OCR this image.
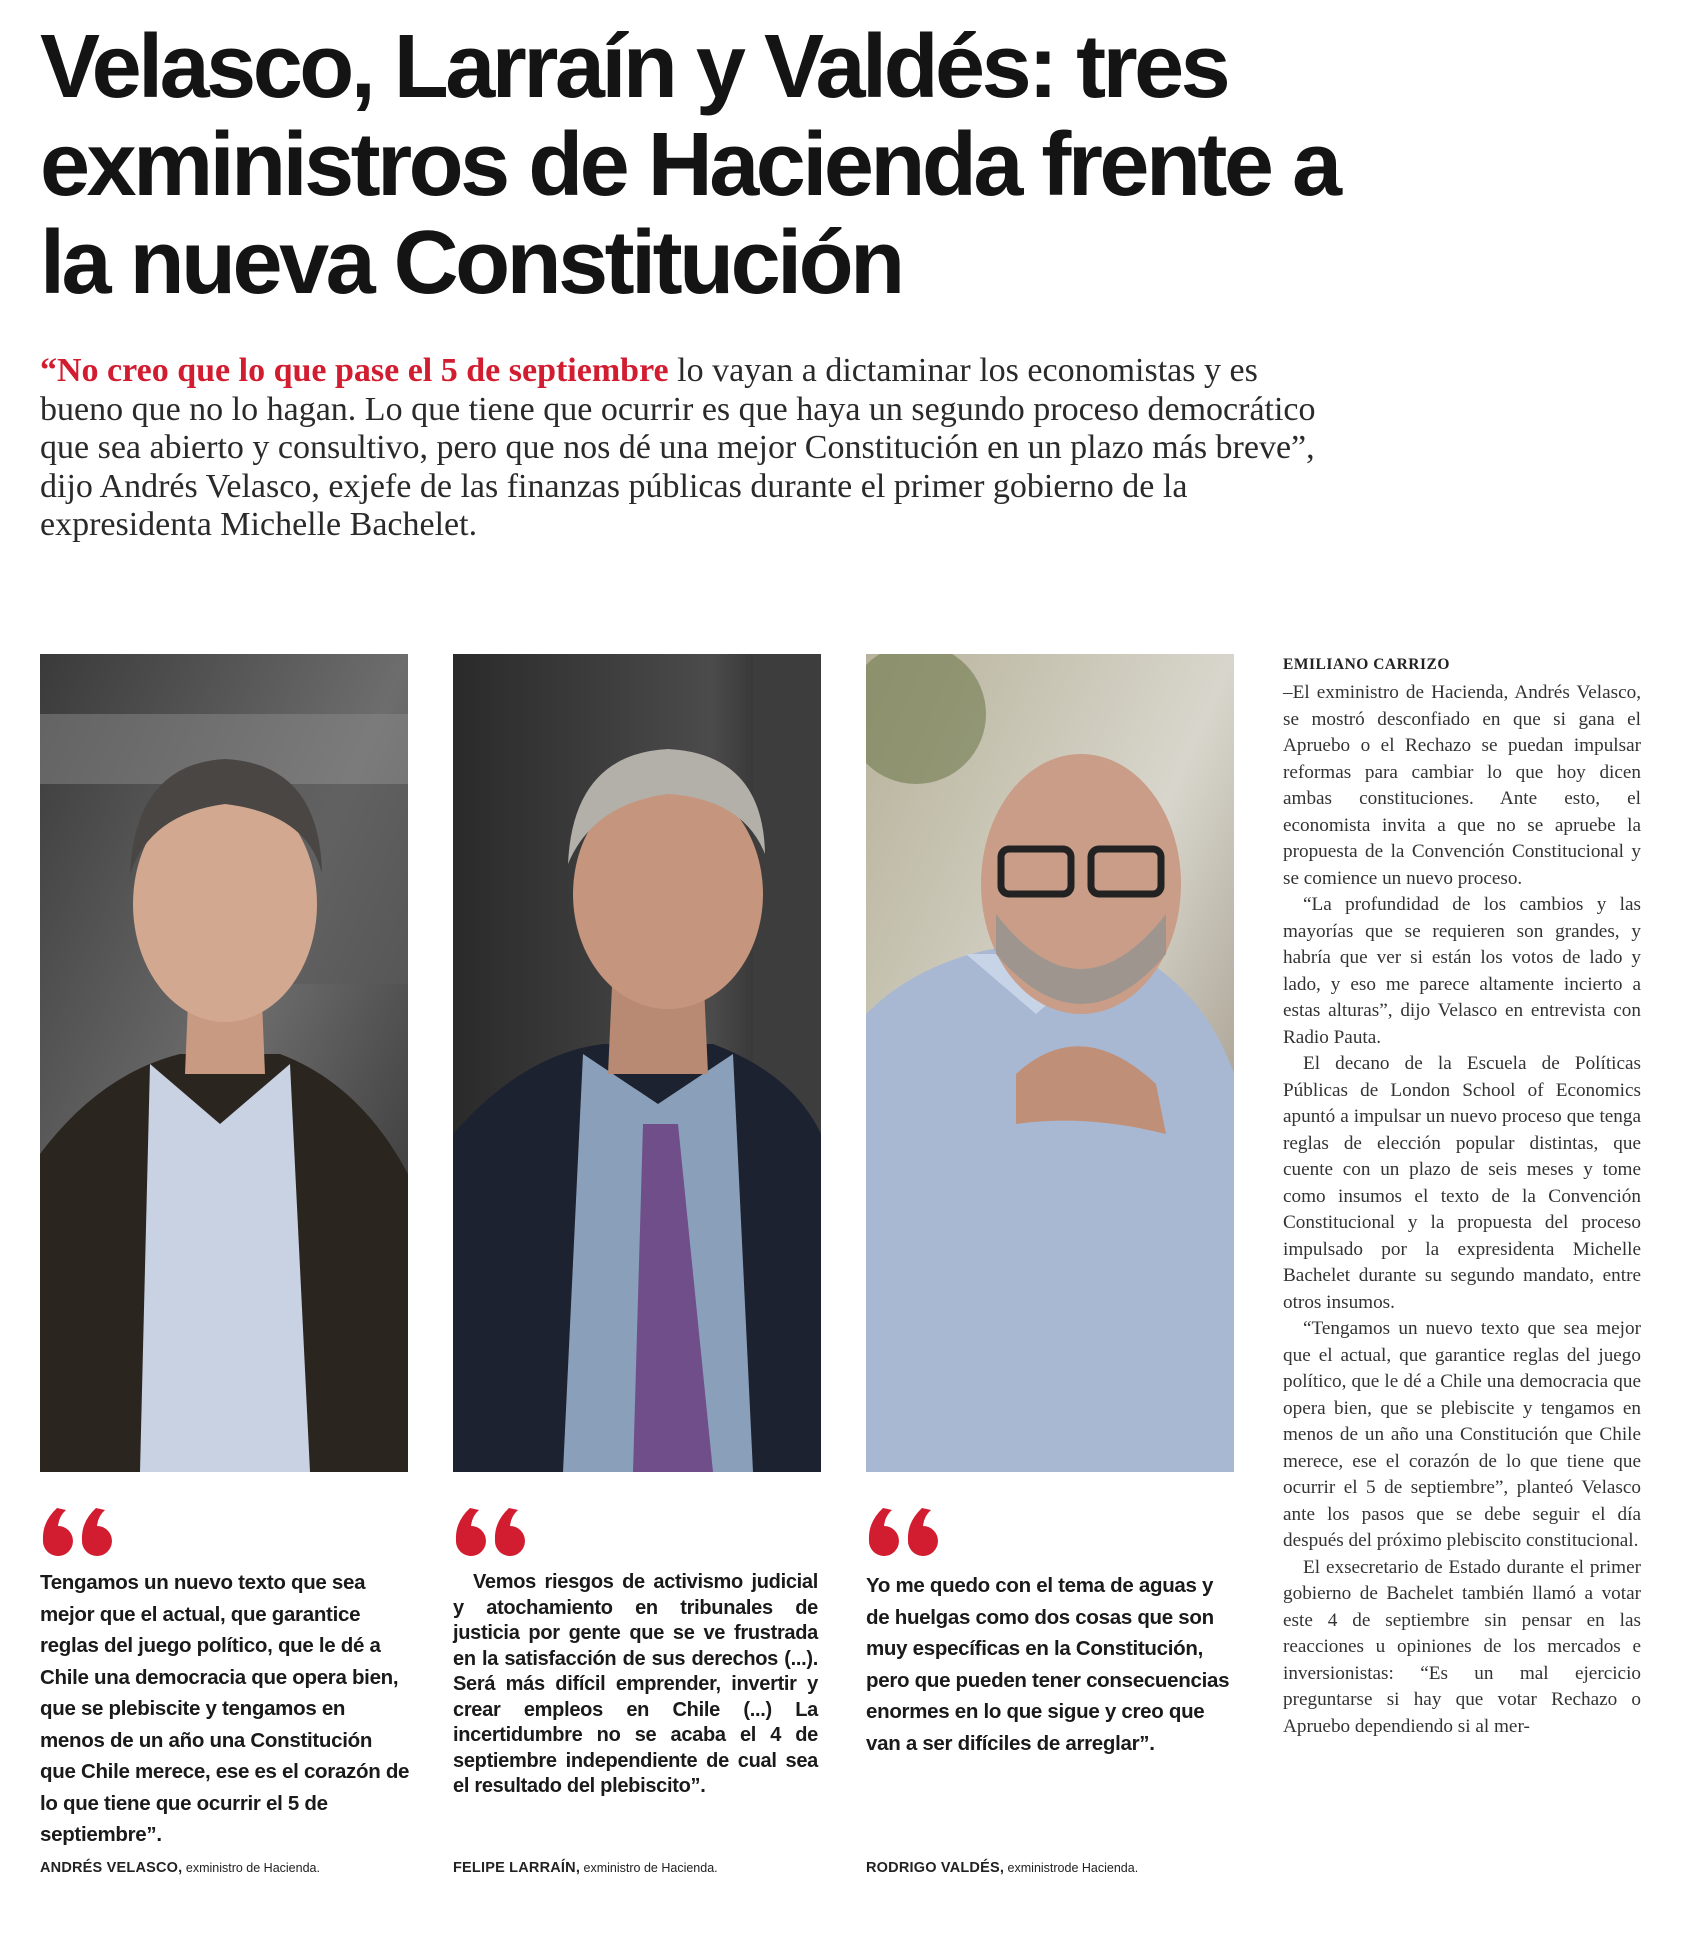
Velasco, Larraín y Valdés: tres
exministros de Hacienda frente a
la nueva Constitución
“No creo que lo que pase el 5 de septiembre lo vayan a dictaminar los economistas y es bueno que no lo hagan. Lo que tiene que ocurrir es que haya un segundo proceso democrático que sea abierto y consultivo, pero que nos dé una mejor Constitución en un plazo más breve”, dijo Andrés Velasco, exjefe de las finanzas públicas durante el primer gobierno de la expresidenta Michelle Bachelet.
Tengamos un nuevo texto que sea mejor que el actual, que garantice reglas del juego político, que le dé a Chile una democracia que opera bien, que se plebiscite y tengamos en menos de un año una Constitución que Chile merece, ese es el corazón de lo que tiene que ocurrir el 5 de septiembre”.
Vemos riesgos de activismo judicial y atochamiento en tribunales de justicia por gente que se ve frustrada en la satisfacción de sus derechos (...). Será más difícil emprender, invertir y crear empleos en Chile (...) La incertidumbre no se acaba el 4 de septiembre independiente de cual sea el resultado del plebiscito”.
Yo me quedo con el tema de aguas y de huelgas como dos cosas que son muy específicas en la Constitución, pero que pueden tener consecuencias enormes en lo que sigue y creo que van a ser difíciles de arreglar”.
ANDRÉS VELASCO, exministro de Hacienda.	FELIPE LARRAÍN, exministro de Hacienda.	RODRIGO VALDÉS, exministrode Hacienda.
EMILIANO CARRIZO

–El exministro de Hacienda, Andrés Velasco, se mostró desconfiado en que si gana el Apruebo o el Rechazo se puedan impulsar reformas para cambiar lo que hoy dicen ambas constituciones. Ante esto, el economista invita a que no se apruebe la propuesta de la Convención Constitucional y se comience un nuevo proceso.

“La profundidad de los cambios y las mayorías que se requieren son grandes, y habría que ver si están los votos de lado y lado, y eso me parece altamente incierto a estas alturas”, dijo Velasco en entrevista con Radio Pauta.

El decano de la Escuela de Políticas Públicas de London School of Economics apuntó a impulsar un nuevo proceso que tenga reglas de elección popular distintas, que cuente con un plazo de seis meses y tome como insumos el texto de la Convención Constitucional y la propuesta del proceso impulsado por la expresidenta Michelle Bachelet durante su segundo mandato, entre otros insumos.

“Tengamos un nuevo texto que sea mejor que el actual, que garantice reglas del juego político, que le dé a Chile una democracia que opera bien, que se plebiscite y tengamos en menos de un año una Constitución que Chile merece, ese el corazón de lo que tiene que ocurrir el 5 de septiembre”, planteó Velasco ante los pasos que se debe seguir el día después del próximo plebiscito constitucional.

El exsecretario de Estado durante el primer gobierno de Bachelet también llamó a votar este 4 de septiembre sin pensar en las reacciones u opiniones de los mercados e inversionistas: “Es un mal ejercicio preguntarse si hay que votar Rechazo o Apruebo dependiendo si al mer-
